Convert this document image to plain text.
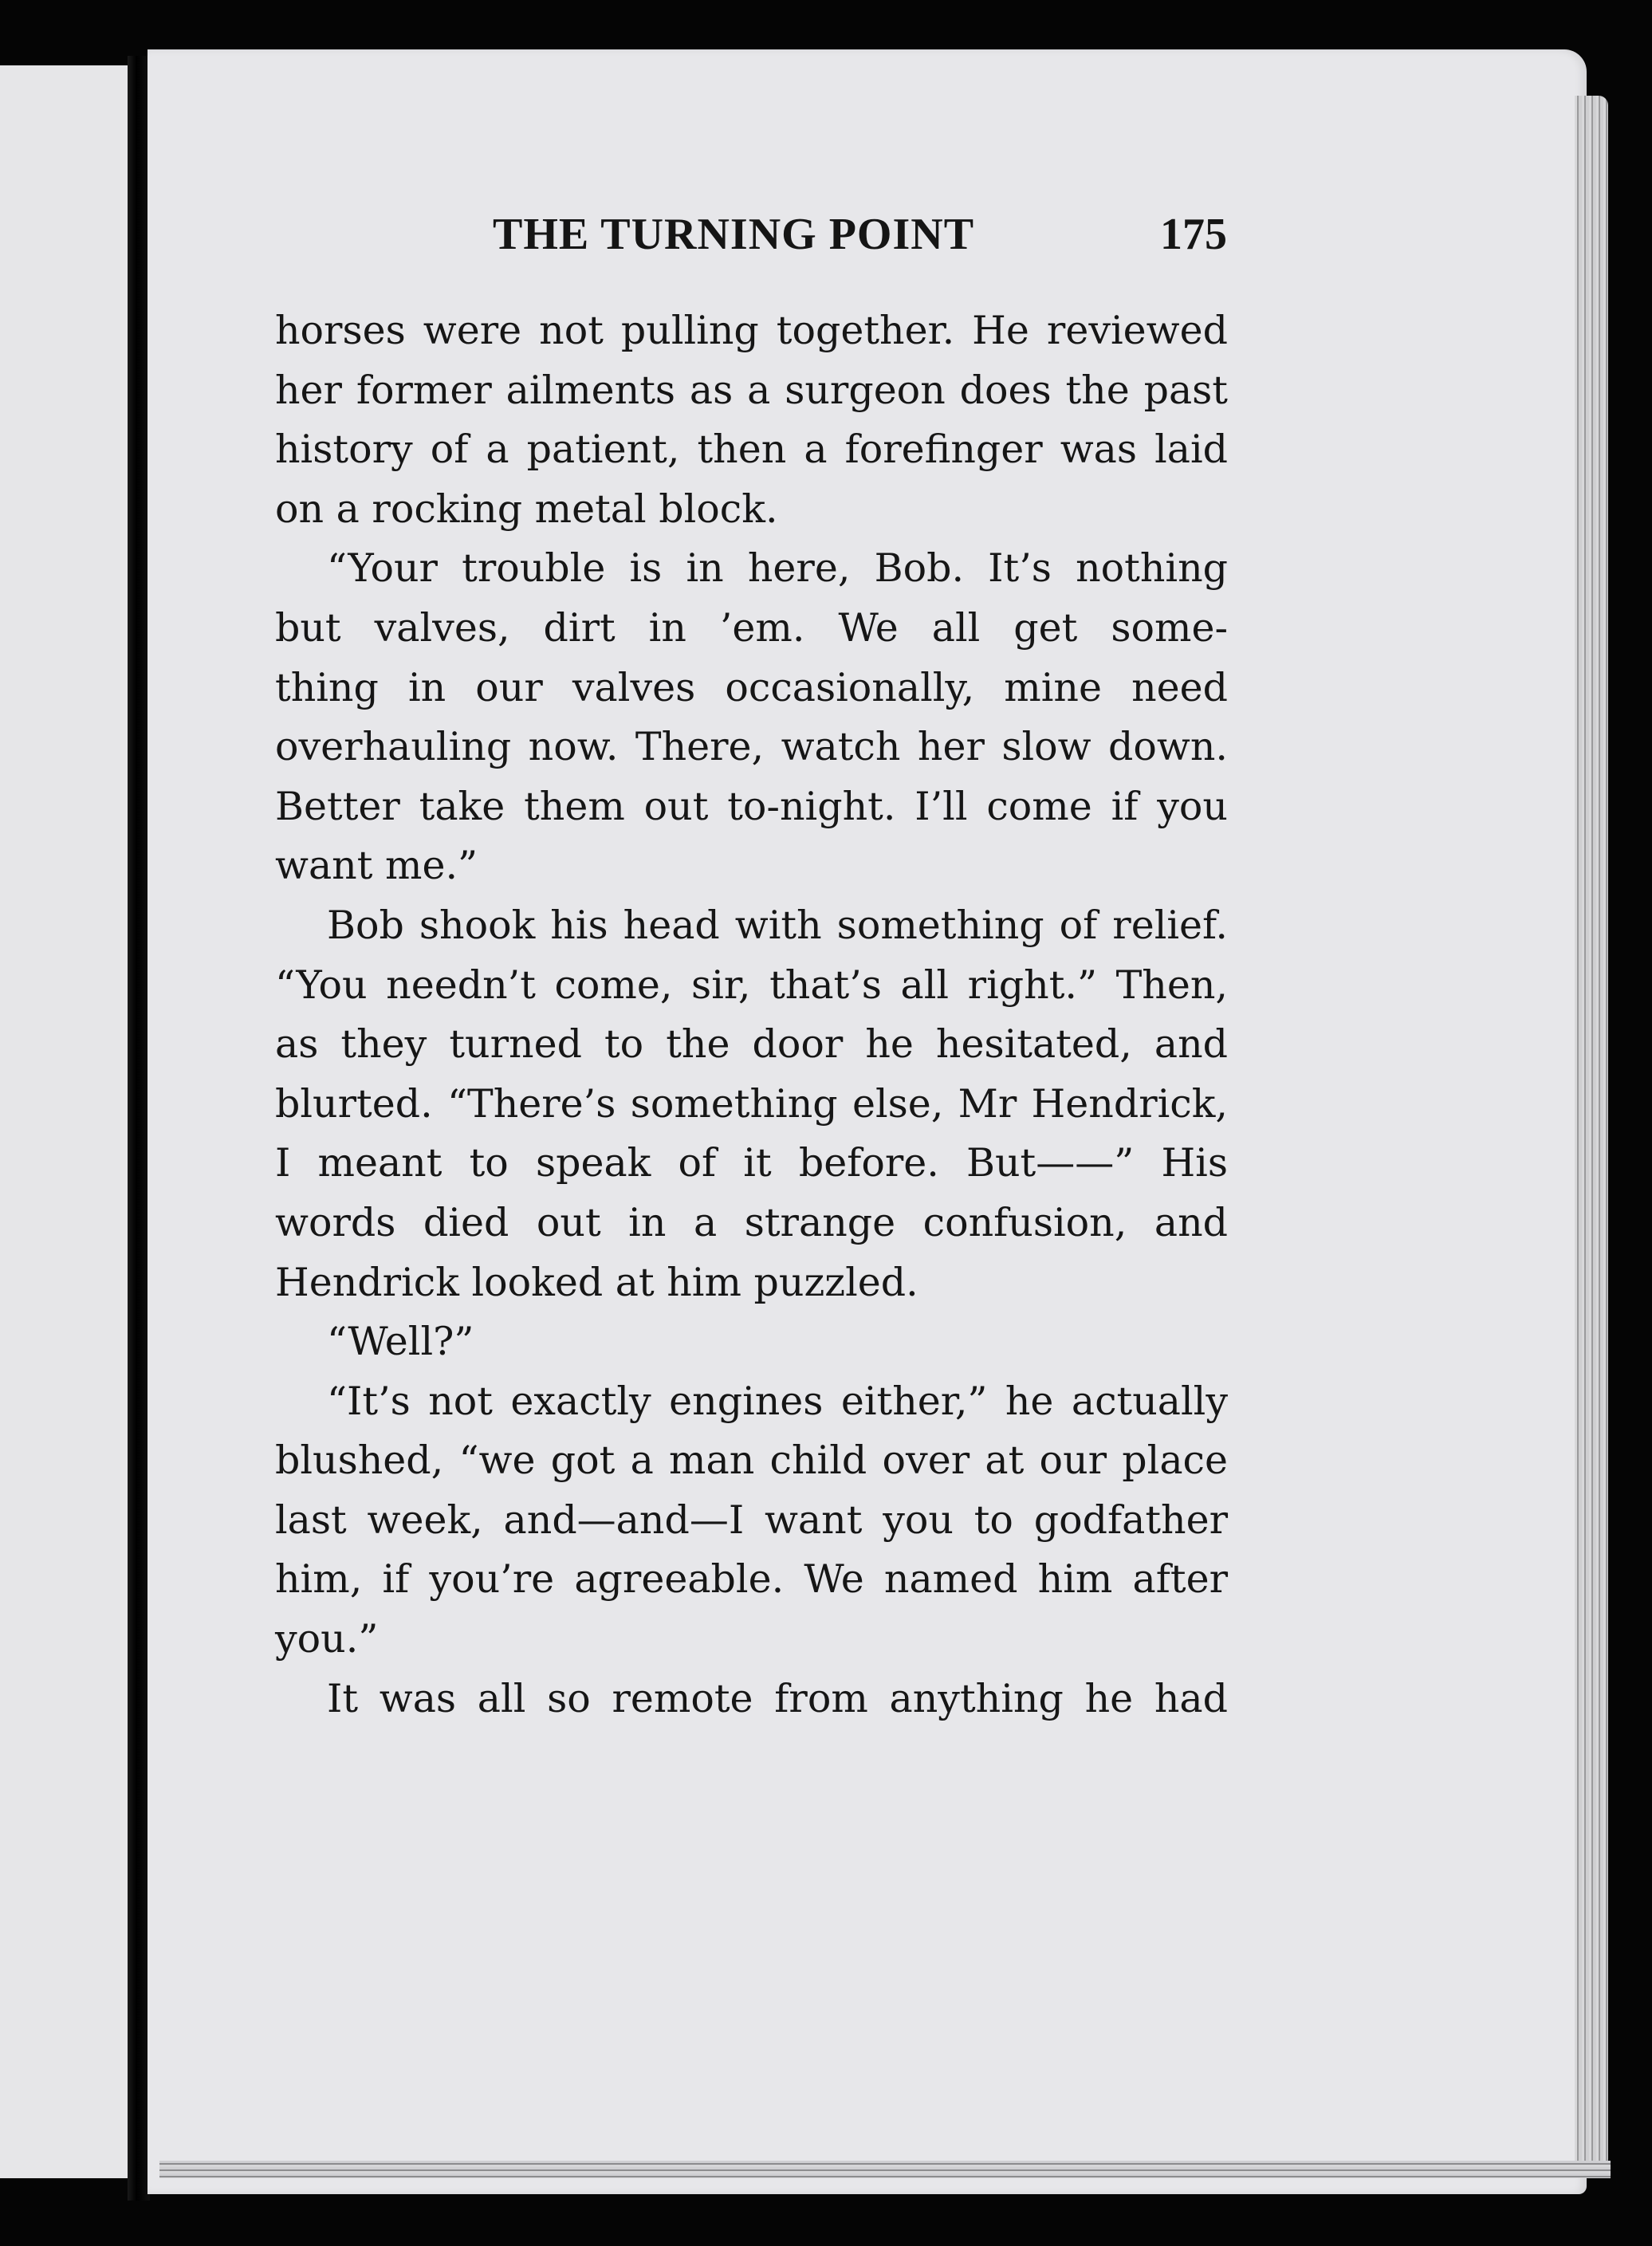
THE TURNING POINT	175
horses were not pulling together. He reviewed
her former ailments as a surgeon does the past
history of a patient, then a forefinger was laid
on a rocking metal block.
“Your trouble is in here, Bob. It’s nothing
but valves, dirt in ’em. We all get some-
thing in our valves occasionally, mine need
overhauling now. There, watch her slow down.
Better take them out to-night. I’ll come if you
want me.”
Bob shook his head with something of relief.
“You needn’t come, sir, that’s all right.” Then,
as they turned to the door he hesitated, and
blurted. “There’s something else, Mr Hendrick,
I meant to speak of it before. But——” His
words died out in a strange confusion, and
Hendrick looked at him puzzled.
“Well?”
“It’s not exactly engines either,” he actually
blushed, “we got a man child over at our place
last week, and—and—I want you to godfather
him, if you’re agreeable. We named him after
you.”
It was all so remote from anything he had
